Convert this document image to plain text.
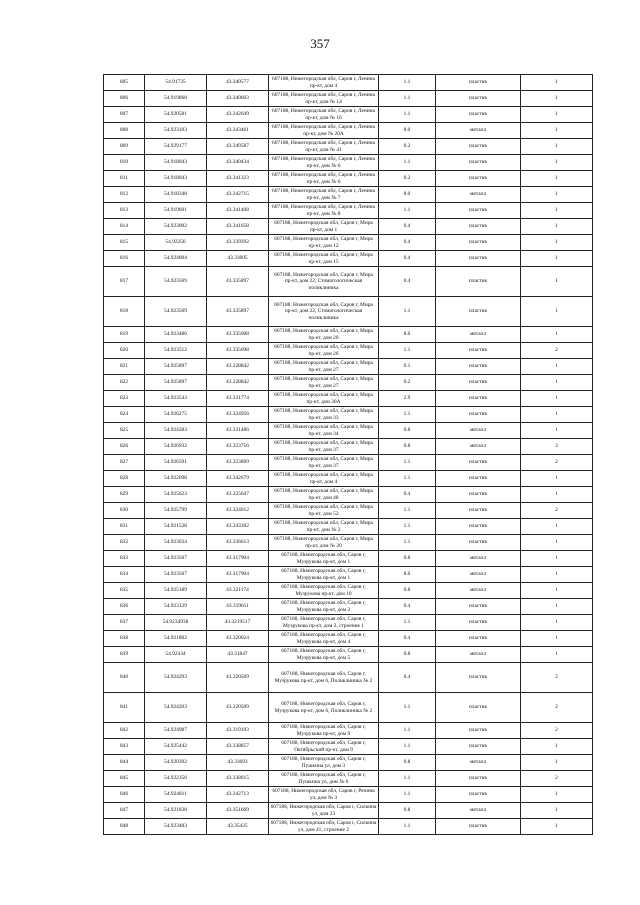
357
805	54.91735	43.340577	607188, Нижегородская обл, Саров г, Ленина пр-кт, дом 4	1.1	пластик	1
806	54.919868	43.340603	607188, Нижегородская обл, Саров г, Ленина пр-кт, дом № 14	1.1	пластик	1
807	54.920581	43.342649	607188, Нижегородская обл, Саров г, Ленина пр-кт, дом № 16	1.1	пластик	1
808	54.923103	43.343461	607188, Нижегородская обл, Саров г, Ленина пр-кт, дом № 20А	8.0	металл	1
809	54.929177	43.349587	607188, Нижегородская обл, Саров г, Ленина пр-кт, дом № 41	0.2	пластик	1
810	54.918043	43.340434	607188, Нижегородская обл, Саров г, Ленина пр-кт, дом № 6	1.1	пластик	1
811	54.918043	43.341323	607188, Нижегородская обл, Саров г, Ленина пр-кт, дом № 6	0.2	пластик	1
812	54.918348	43.342715	607188, Нижегородская обл, Саров г, Ленина пр-кт, дом № 7	8.0	металл	1
813	54.919601	43.341408	607188, Нижегородская обл, Саров г, Ленина пр-кт, дом № 8	1.1	пластик	1
814	54.923002	43.341658	607188, Нижегородская обл, Саров г, Мира пр-кт, дом 1	0.4	пластик	1
815	54.92256	43.339392	607188, Нижегородская обл, Саров г, Мира пр-кт, дом 12	0.4	пластик	1
816	54.924004	43.33605	607188, Нижегородская обл, Саров г, Мира пр-кт, дом 15	0.4	пластик	1
817	54.923569	43.335897	607188, Нижегородская обл, Саров г, Мира пр-кт, дом 22, Стоматологическая поликлиника	0.4	пластик	1
818	54.923569	43.335897	607188, Нижегородская обл, Саров г, Мира пр-кт, дом 22, Стоматологическая поликлиника	1.1	пластик	1
819	54.923486	43.335008	607188, Нижегородская обл, Саров г, Мира пр-кт, дом 20	8.0	металл	1
820	54.923512	43.335098	607188, Нижегородская обл, Саров г, Мира пр-кт, дом 26	1.1	пластик	2
821	54.925897	43.328842	607188, Нижегородская обл, Саров г, Мира пр-кт, дом 27	0.1	пластик	1
822	54.925897	43.328842	607188, Нижегородская обл, Саров г, Мира пр-кт, дом 27	0.2	пластик	1
823	54.923543	43.331774	607188, Нижегородская обл, Саров г, Мира пр-кт, дом 30А	2.9	пластик	1
824	54.926275	43.324956	607188, Нижегородская обл, Саров г, Мира пр-кт, дом 33	1.1	пластик	1
825	54.924283	43.331486	607188, Нижегородская обл, Саров г, Мира пр-кт, дом 34	0.8	металл	1
826	54.926932	43.323756	607188, Нижегородская обл, Саров г, Мира пр-кт, дом 37	0.8	металл	3
827	54.926591	43.323809	607188, Нижегородская обл, Саров г, Мира пр-кт, дом 37	1.1	пластик	2
828	54.922098	43.342679	607188, Нижегородская обл, Саров г, Мира пр-кт, дом 4	1.1	пластик	1
829	54.925623	43.325647	607188, Нижегородская обл, Саров г, Мира пр-кт, дом 48	0.4	пластик	1
830	54.925799	43.324012	607188, Нижегородская обл, Саров г, Мира пр-кт, дом 52	1.1	пластик	2
831	54.921528	43.343302	607188, Нижегородская обл, Саров г, Мира пр-кт, дом № 2	1.1	пластик	1
832	54.923034	43.336613	607188, Нижегородская обл, Саров г, Мира пр-кт, дом № 20	1.1	пластик	1
833	54.923507	43.317904	607188, Нижегородская обл, Саров г, Музрукова пр-кт, дом 1	0.8	металл	1
834	54.923507	43.317904	607188, Нижегородская обл, Саров г, Музрукова пр-кт, дом 1	8.0	металл	1
835	54.925189	43.321174	607188, Нижегородская обл, Саров г, Музрукова пр-кт, дом 10	0.8	металл	1
836	54.923129	43.319611	607188, Нижегородская обл, Саров г, Музрукова пр-кт, дом 2	0.4	пластик	1
837	54.9234938	43.3219517	607188, Нижегородская обл, Саров г, Музрукова пр-кт, дом 2, строение 1	1.1	пластик	1
838	54.921802	43.320024	607188, Нижегородская обл, Саров г, Музрукова пр-кт, дом 4	0.4	пластик	1
839	54.92434	43.31847	607188, Нижегородская обл, Саров г, Музрукова пр-кт, дом 5	0.8	металл	1
840	54.924293	43.320509	607188, Нижегородская обл, Саров г, Музрукова пр-кт, дом 6, Поликлиника № 2	0.4	пластик	2
841	54.924203	43.320509	607188, Нижегородская обл, Саров г, Музрукова пр-кт, дом 6, Поликлиника № 2	1.1	пластик	2
842	54.924987	43.319193	607188, Нижегородская обл, Саров г, Музрукова пр-кт, дом 9	1.1	пластик	2
843	54.925442	43.338857	607188, Нижегородская обл, Саров г, Октябрьский пр-кт, дом 9	1.1	пластик	1
844	54.920392	43.33693	607188, Нижегородская обл, Саров г, Пушкина ул, дом 3	0.8	металл	1
845	54.922356	43.338615	607188, Нижегородская обл, Саров г, Пушкина ул, дом № 6	1.1	пластик	2
846	54.924811	43.342713	607188, Нижегородская обл, Саров г, Репина ул, дом № 3	1.1	пластик	1
847	54.921838	43.351669	607188, Нижегородская обл, Саров г, Силкина ул, дом 23	0.8	металл	1
848	54.923483	43.35425	607188, Нижегородская обл, Саров г, Силкина ул, дом 41, строение 2	1.1	пластик	1
